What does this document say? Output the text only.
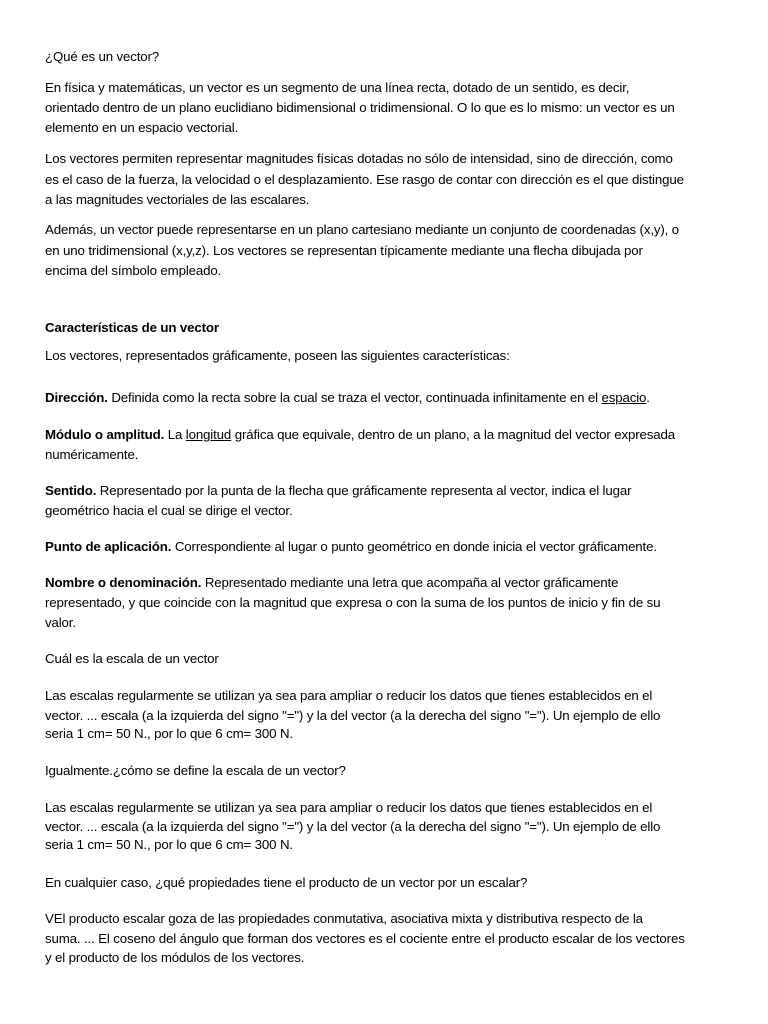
¿Qué es un vector?
En física y matemáticas, un vector es un segmento de una línea recta, dotado de un sentido, es decir,
orientado dentro de un plano euclidiano bidimensional o tridimensional. O lo que es lo mismo: un vector es un
elemento en un espacio vectorial.
Los vectores permiten representar magnitudes físicas dotadas no sólo de intensidad, sino de dirección, como
es el caso de la fuerza, la velocidad o el desplazamiento. Ese rasgo de contar con dirección es el que distingue
a las magnitudes vectoriales de las escalares.
Además, un vector puede representarse en un plano cartesiano mediante un conjunto de coordenadas (x,y), o
en uno tridimensional (x,y,z). Los vectores se representan típicamente mediante una flecha dibujada por
encima del símbolo empleado.
Características de un vector
Los vectores, representados gráficamente, poseen las siguientes características:
Dirección. Definida como la recta sobre la cual se traza el vector, continuada infinitamente en el espacio.
Módulo o amplitud. La longitud gráfica que equivale, dentro de un plano, a la magnitud del vector expresada
numéricamente.
Sentido. Representado por la punta de la flecha que gráficamente representa al vector, indica el lugar
geométrico hacia el cual se dirige el vector.
Punto de aplicación. Correspondiente al lugar o punto geométrico en donde inicia el vector gráficamente.
Nombre o denominación. Representado mediante una letra que acompaña al vector gráficamente
representado, y que coincide con la magnitud que expresa o con la suma de los puntos de inicio y fin de su
valor.
Cuál es la escala de un vector
Las escalas regularmente se utilizan ya sea para ampliar o reducir los datos que tienes establecidos en el
vector. ... escala (a la izquierda del signo "=") y la del vector (a la derecha del signo "="). Un ejemplo de ello
seria 1 cm= 50 N., por lo que 6 cm= 300 N.
Igualmente.¿cómo se define la escala de un vector?
Las escalas regularmente se utilizan ya sea para ampliar o reducir los datos que tienes establecidos en el
vector. ... escala (a la izquierda del signo "=") y la del vector (a la derecha del signo "="). Un ejemplo de ello
seria 1 cm= 50 N., por lo que 6 cm= 300 N.
En cualquier caso, ¿qué propiedades tiene el producto de un vector por un escalar?
VEl producto escalar goza de las propiedades conmutativa, asociativa mixta y distributiva respecto de la
suma. ... El coseno del ángulo que forman dos vectores es el cociente entre el producto escalar de los vectores
y el producto de los módulos de los vectores.
